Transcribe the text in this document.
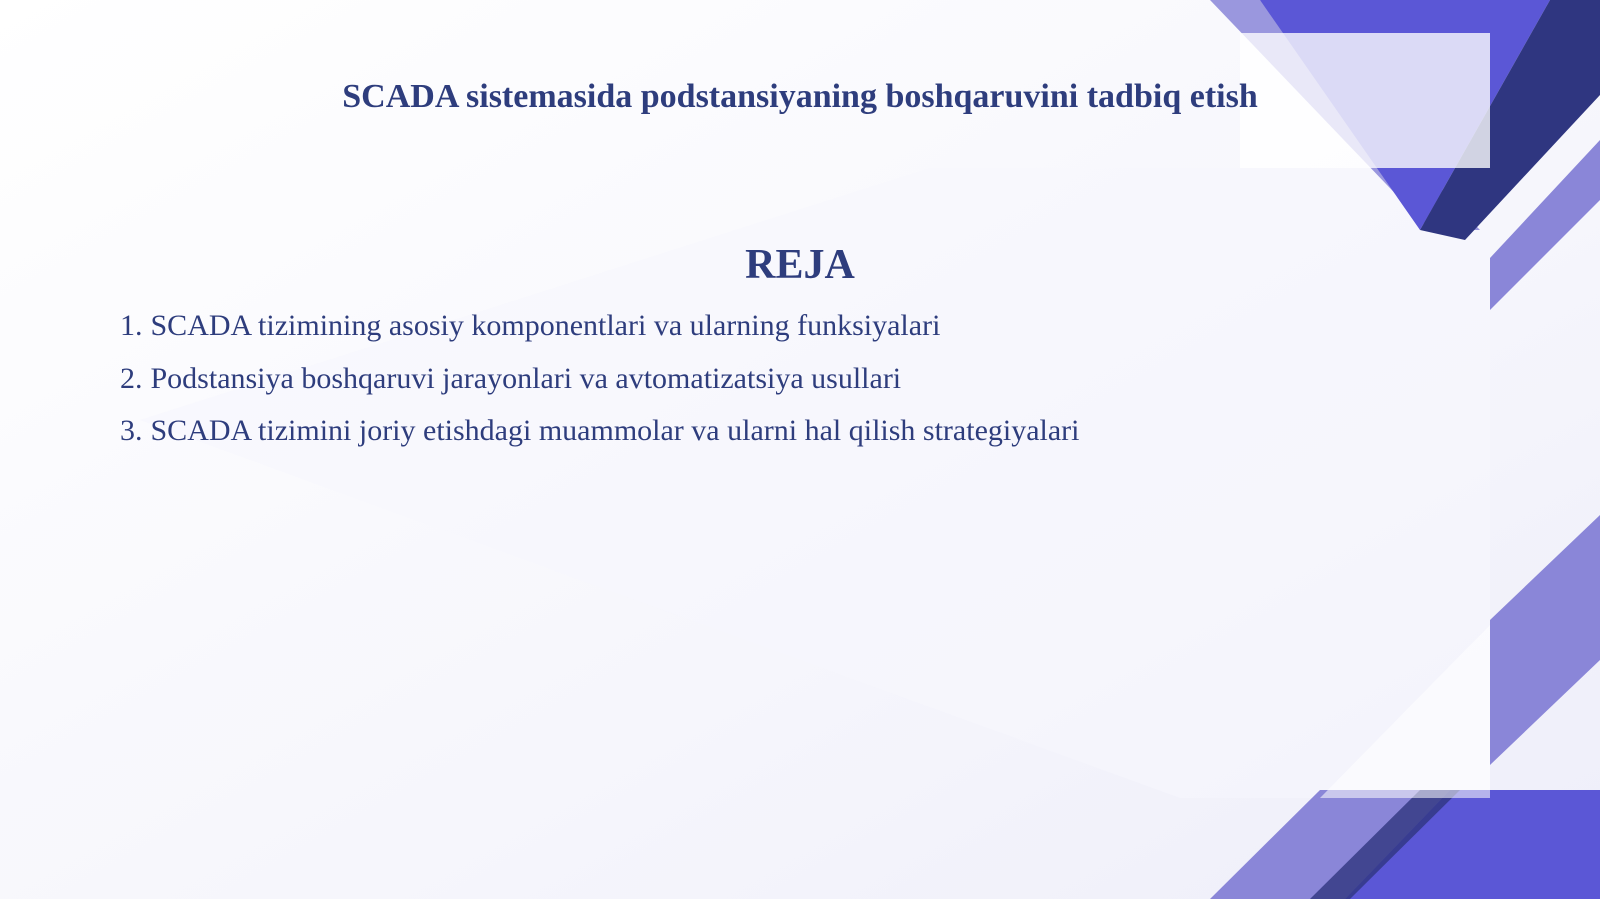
SCADA sistemasida podstansiyaning boshqaruvini tadbiq etish
REJA
1. SCADA tizimining asosiy komponentlari va ularning funksiyalari
2. Podstansiya boshqaruvi jarayonlari va avtomatizatsiya usullari
3. SCADA tizimini joriy etishdagi muammolar va ularni hal qilish strategiyalari
